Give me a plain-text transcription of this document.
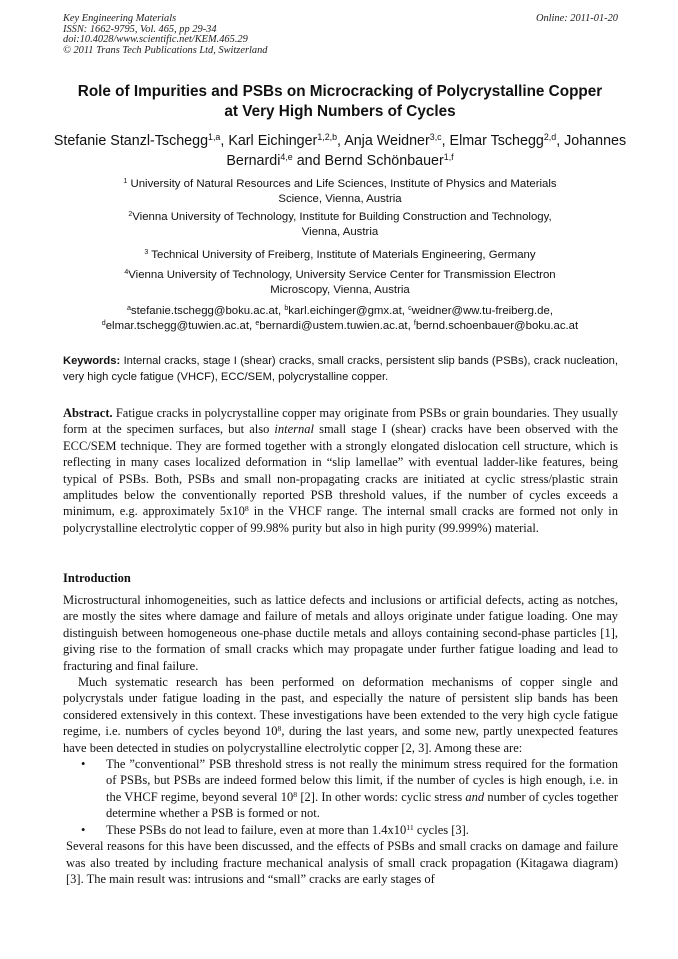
Key Engineering Materials	Online: 2011-01-20
ISSN: 1662-9795, Vol. 465, pp 29-34
doi:10.4028/www.scientific.net/KEM.465.29
© 2011 Trans Tech Publications Ltd, Switzerland
Role of Impurities and PSBs on Microcracking of Polycrystalline Copper
at Very High Numbers of Cycles
Stefanie Stanzl-Tschegg$^{1,a}$, Karl Eichinger$^{1,2,b}$, Anja Weidner$^{3,c}$, Elmar Tschegg$^{2,d}$, Johannes Bernardi$^{4,e}$ and Bernd Schönbauer$^{1,f}$
$^1$ University of Natural Resources and Life Sciences, Institute of Physics and Materials
Science, Vienna, Austria
$^2$Vienna University of Technology, Institute for Building Construction and Technology,
Vienna, Austria
$^3$ Technical University of Freiberg, Institute of Materials Engineering, Germany
$^4$Vienna University of Technology, University Service Center for Transmission Electron
Microscopy, Vienna, Austria
$^a$stefanie.tschegg@boku.ac.at, $^b$karl.eichinger@gmx.at, $^c$weidner@ww.tu-freiberg.de,
$^d$elmar.tschegg@tuwien.ac.at, $^e$bernardi@ustem.tuwien.ac.at, $^f$bernd.schoenbauer@boku.ac.at
Keywords: Internal cracks, stage I (shear) cracks, small cracks, persistent slip bands (PSBs), crack nucleation, very high cycle fatigue (VHCF), ECC/SEM, polycrystalline copper.
Abstract. Fatigue cracks in polycrystalline copper may originate from PSBs or grain boundaries. They usually form at the specimen surfaces, but also internal small stage I (shear) cracks have been observed with the ECC/SEM technique. They are formed together with a strongly elongated dislocation cell structure, which is reflecting in many cases localized deformation in “slip lamellae” with eventual ladder-like features, being typical of PSBs. Both, PSBs and small non-propagating cracks are initiated at cyclic stress/plastic strain amplitudes below the conventionally reported PSB threshold values, if the number of cycles exceeds a minimum, e.g. approximately $5x10^8$ in the VHCF range. The internal small cracks are formed not only in polycrystalline electrolytic copper of 99.98% purity but also in high purity (99.999%) material.
Introduction

Microstructural inhomogeneities, such as lattice defects and inclusions or artificial defects, acting as notches, are mostly the sites where damage and failure of metals and alloys originate under fatigue loading. One may distinguish between homogeneous one-phase ductile metals and alloys containing second-phase particles [1], giving rise to the formation of small cracks which may propagate under further fatigue loading and lead to fracturing and final failure.

Much systematic research has been performed on deformation mechanisms of copper single and polycrystals under fatigue loading in the past, and especially the nature of persistent slip bands has been considered extensively in this context. These investigations have been extended to the very high cycle fatigue regime, i.e. numbers of cycles beyond $10^8$, during the last years, and some new, partly unexpected features have been detected in studies on polycrystalline electrolytic copper [2, 3]. Among these are:

• The ”conventional” PSB threshold stress is not really the minimum stress required for the formation of PSBs, but PSBs are indeed formed below this limit, if the number of cycles is high enough, i.e. in the VHCF regime, beyond several $10^8$ [2]. In other words: cyclic stress and number of cycles together determine whether a PSB is formed or not.
• These PSBs do not lead to failure, even at more than $1.4x10^{11}$ cycles [3].

Several reasons for this have been discussed, and the effects of PSBs and small cracks on damage and failure was also treated by including fracture mechanical analysis of small crack propagation (Kitagawa diagram) [3]. The main result was: intrusions and “small” cracks are early stages of
